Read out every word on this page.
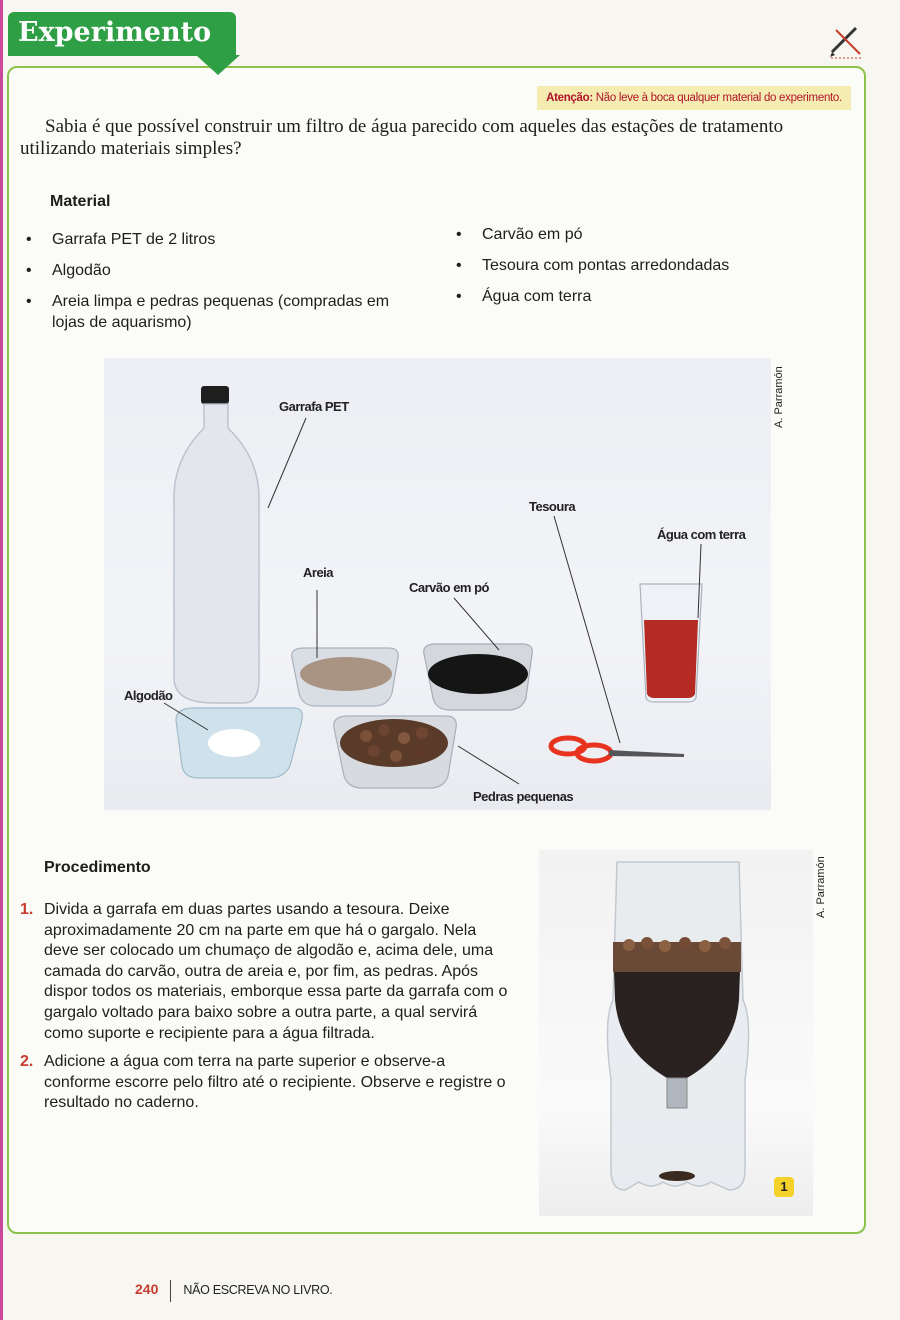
Experimento
Atenção: Não leve à boca qualquer material do experimento.
Sabia é que possível construir um filtro de água parecido com aqueles das estações de tratamento utilizando materiais simples?
Material
• Garrafa PET de 2 litros
• Algodão
• Areia limpa e pedras pequenas (compradas em lojas de aquarismo)
• Carvão em pó
• Tesoura com pontas arredondadas
• Água com terra
Garrafa PET
Areia
Carvão em pó
Tesoura
Água com terra
Algodão
Pedras pequenas
A. Parramón
Procedimento
1. Divida a garrafa em duas partes usando a tesoura. Deixe aproximadamente 20 cm na parte em que há o gargalo. Nela deve ser colocado um chumaço de algodão e, acima dele, uma camada do carvão, outra de areia e, por fim, as pedras. Após dispor todos os materiais, emborque essa parte da garrafa com o gargalo voltado para baixo sobre a outra parte, a qual servirá como suporte e recipiente para a água filtrada.
2. Adicione a água com terra na parte superior e observe-a conforme escorre pelo filtro até o recipiente. Observe e registre o resultado no caderno.
A. Parramón
1
240 NÃO ESCREVA NO LIVRO.
